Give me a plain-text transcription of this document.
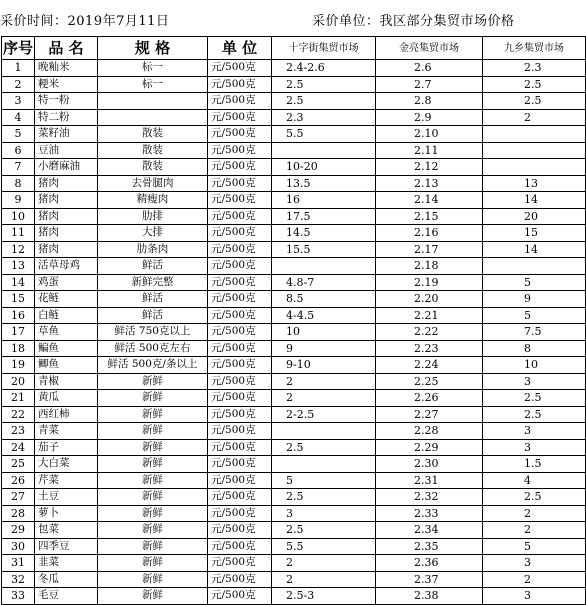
采价时间：2019年7月11日	采价单位：我区部分集贸市场价格
序号	品 名	规 格	单 位	十字街集贸市场	金亮集贸市场	九乡集贸市场
1	晚籼米	标一	元/500克	2.4-2.6	2.6	2.3
2	粳米	标一	元/500克	2.5	2.7	2.5
3	特一粉		元/500克	2.5	2.8	2.5
4	特二粉		元/500克	2.3	2.9	2
5	菜籽油	散装	元/500克	5.5	2.10	
6	豆油	散装	元/500克		2.11	
7	小磨麻油	散装	元/500克	10-20	2.12	
8	猪肉	去骨腿肉	元/500克	13.5	2.13	13
9	猪肉	精瘦肉	元/500克	16	2.14	14
10	猪肉	肋排	元/500克	17.5	2.15	20
11	猪肉	大排	元/500克	14.5	2.16	15
12	猪肉	肋条肉	元/500克	15.5	2.17	14
13	活草母鸡	鲜活	元/500克		2.18	
14	鸡蛋	新鲜完整	元/500克	4.8-7	2.19	5
15	花鲢	鲜活	元/500克	8.5	2.20	9
16	白鲢	鲜活	元/500克	4-4.5	2.21	5
17	草鱼	鲜活 750克以上	元/500克	10	2.22	7.5
18	鳊鱼	鲜活 500克左右	元/500克	9	2.23	8
19	鲫鱼	鲜活 500克/条以上	元/500克	9-10	2.24	10
20	青椒	新鲜	元/500克	2	2.25	3
21	黄瓜	新鲜	元/500克	2	2.26	2.5
22	西红柿	新鲜	元/500克	2-2.5	2.27	2.5
23	青菜	新鲜	元/500克		2.28	3
24	茄子	新鲜	元/500克	2.5	2.29	3
25	大白菜	新鲜	元/500克		2.30	1.5
26	芹菜	新鲜	元/500克	5	2.31	4
27	土豆	新鲜	元/500克	2.5	2.32	2.5
28	萝卜	新鲜	元/500克	3	2.33	2
29	包菜	新鲜	元/500克	2.5	2.34	2
30	四季豆	新鲜	元/500克	5.5	2.35	5
31	韭菜	新鲜	元/500克	2	2.36	3
32	冬瓜	新鲜	元/500克	2	2.37	2
33	毛豆	新鲜	元/500克	2.5-3	2.38	3
